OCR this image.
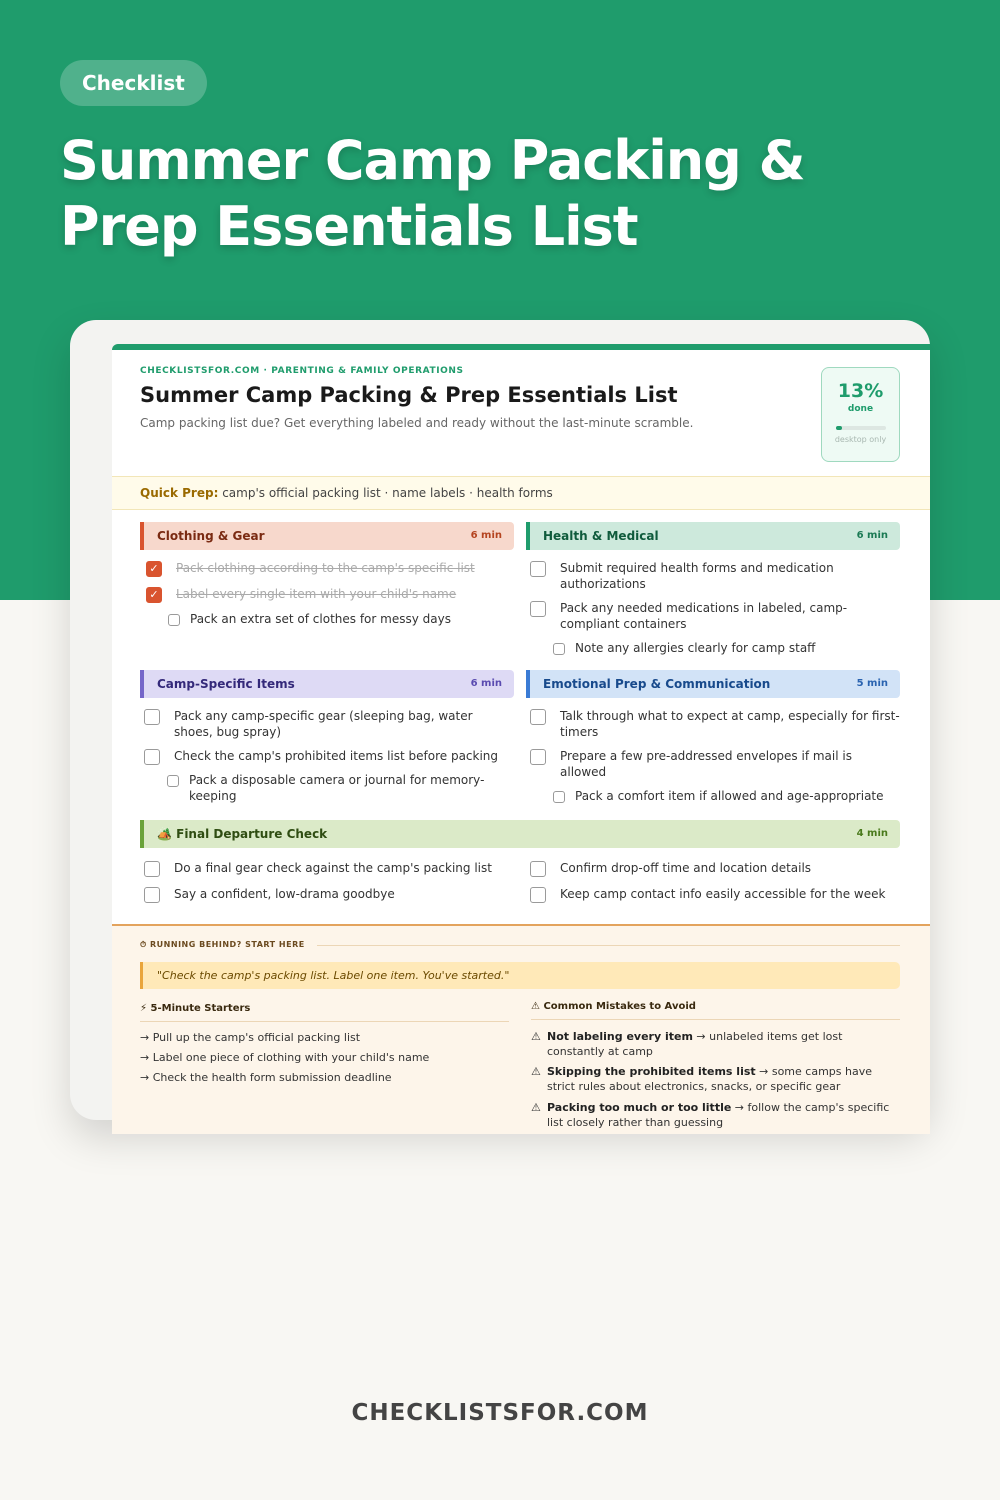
Checklist
Summer Camp Packing & Prep Essentials List
CHECKLISTSFOR.COM · PARENTING & FAMILY OPERATIONS
Summer Camp Packing & Prep Essentials List
Camp packing list due? Get everything labeled and ready without the last-minute scramble.
13%
done
desktop only
Quick Prep: camp's official packing list · name labels · health forms
Clothing & Gear	6 min
✓	Pack clothing according to the camp's specific list
✓	Label every single item with your child's name
Pack an extra set of clothes for messy days
Health & Medical	6 min
Submit required health forms and medication authorizations
Pack any needed medications in labeled, camp-compliant containers
Note any allergies clearly for camp staff
Camp-Specific Items	6 min
Pack any camp-specific gear (sleeping bag, water shoes, bug spray)
Check the camp's prohibited items list before packing
Pack a disposable camera or journal for memory-keeping
Emotional Prep & Communication	5 min
Talk through what to expect at camp, especially for first-timers
Prepare a few pre-addressed envelopes if mail is allowed
Pack a comfort item if allowed and age-appropriate
🏕️ Final Departure Check	4 min
Do a final gear check against the camp's packing list
Say a confident, low-drama goodbye
Confirm drop-off time and location details
Keep camp contact info easily accessible for the week
⏱ RUNNING BEHIND? START HERE
"Check the camp's packing list. Label one item. You've started."
⚡ 5-Minute Starters
→ Pull up the camp's official packing list
→ Label one piece of clothing with your child's name
→ Check the health form submission deadline
⚠ Common Mistakes to Avoid
⚠ Not labeling every item → unlabeled items get lost constantly at camp
⚠ Skipping the prohibited items list → some camps have strict rules about electronics, snacks, or specific gear
⚠ Packing too much or too little → follow the camp's specific list closely rather than guessing
CHECKLISTSFOR.COM
